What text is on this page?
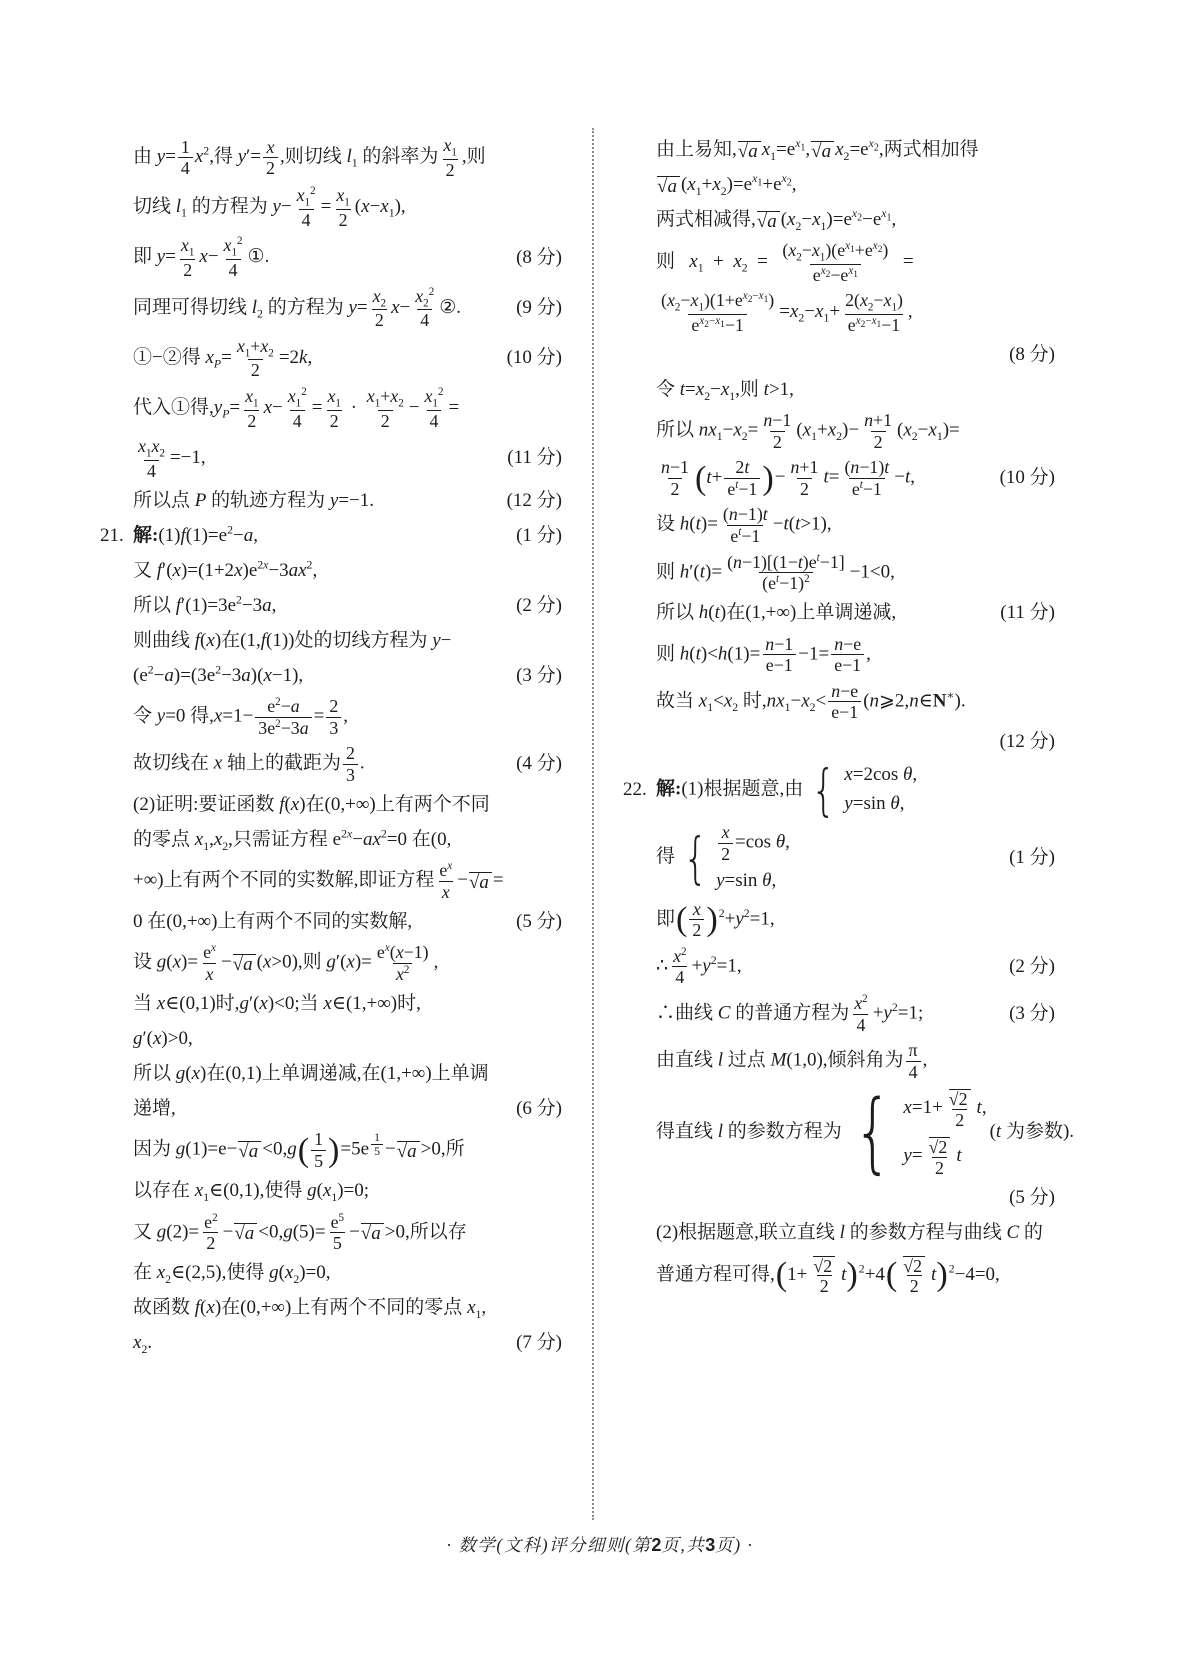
由 $y= \frac{1}{4} x^2$,得 $y'= \frac{x}{2}$ ,则切线 $l_1$ 的斜率为 $\frac{x_1}{2}$ ,则
切线 $l_1$ 的方程为 $y- \frac{x_1^2}{4} = \frac{x_1}{2} (x-x_1)$,
即 $y= \frac{x_1}{2} x- \frac{x_1^2}{4}$ ①.	(8 分)
同理可得切线 $l_2$ 的方程为 $y= \frac{x_2}{2} x- \frac{x_2^2}{4}$ ②.	(9 分)
①−②得 $x_P= \frac{x_1+x_2}{2} =2k$,	(10 分)
代入①得$,y_P= \frac{x_1}{2} x- \frac{x_1^2}{4} = \frac{x_1}{2} \cdot \frac{x_1+x_2}{2} - \frac{x_1^2}{4}$ =
$\frac{x_1x_2}{4} =-1$,	(11 分)
所以点 P 的轨迹方程为 y=−1.	(12 分)
21. 解$:(1)f(1)=e^2-a$,	(1 分)
又 $f'(x)=(1+2x)e^{2x}-3ax^2$,
所以 $f'(1)=3e^2-3a$,	(2 分)
则曲线 f(x)在(1,f(1))处的切线方程为 y−
$(e^2-a)=(3e^2-3a)(x-1)$,	(3 分)
令 y=0 得$,x=1- \frac{e^2-a}{3e^2-3a} = \frac{2}{3}$ ,
故切线在 x 轴上的截距为 $\frac{2}{3}$ .	(4 分)
(2)证明:要证函数 f(x)在(0,+∞)上有两个不同
的零点 $x_1,x_2$,只需证方程 $e^{2x}-ax^2=0$ 在(0,
+∞)上有两个不同的实数解,即证方程 $\frac{e^x}{x}$ − √ a =
0 在(0,+∞)上有两个不同的实数解,	(5 分)
设 $g(x)= \frac{e^x}{x}$ − √ a (x>0),则 $g'(x)= \frac{e^x(x-1)}{x^2}$ ,
当 x∈(0,1)时,g′(x)<0;当 x∈(1,+∞)时,
g′(x)>0,
所以 g(x)在(0,1)上单调递减,在(1,+∞)上单调
递增,	(6 分)
因为 g(1)=e− √ a <0,g ( 1
5
)=5e $^{\frac{1}{5}}$ − √ a >0,所
以存在 $x_1\in(0,1)$,使得 $g(x_1)=0$;
又 $g(2)= \frac{e^2}{2}$ − √ $a <0,g(5)= \frac{e^5}{5}$ − √ a >0,所以存
在 $x_2\in(2,5)$,使得 $g(x_2)=0$,
故函数 f(x)在(0,+∞)上有两个不同的零点 $x_1$,
$x_2$.	(7 分)
由上易知, √ a $x_1=e^{x_1}$, √ a $x_2=e^{x_2}$,两式相加得
√ a $(x_1+x_2)=e^{x_1}+e^{x_2}$,
两式相减得, √ a $(x_2-x_1)=e^{x_2}-e^{x_1}$,
则   $x_1 + x_2 = \frac{(x_2-x_1)(e^{x_1}+e^{x_2})}{e^{x_2}-e^{x_1}}$ =
$\frac{(x_2-x_1)(1+e^{x_2-x_1})}{e^{x_2-x_1}-1} =x_2-x_1+ \frac{2(x_2-x_1)}{e^{x_2-x_1}-1}$ ,
(8 分)
令 $t=x_2-x_1$,则 t>1,
所以 $nx_1-x_2= \frac{n-1}{2} (x_1+x_2)- \frac{n+1}{2} (x_2-x_1)=$
$\frac{n-1}{2}$ ( t + 2t
$e^t-1$
)− $\frac{n+1}{2} t= \frac{(n-1)t}{e^t-1} -t$,	(10 分)
设 $h(t)= \frac{(n-1)t}{e^t-1} -t(t>1)$,
则 $h'(t)= \frac{(n-1)[(1-t)e^t-1]}{(e^t-1)^2} -1<0$,
所以 h(t)在(1,+∞)上单调递减,	(11 分)
则 $h(t)<h(1)= \frac{n-1}{e-1} -1= \frac{n-e}{e-1}$ ,
故当 $x_1<x_2$ 时$,nx_1-x_2< \frac{n-e}{e-1}$ (n⩾2,n∈N∗).
(12 分)
22. 解:(1)根据题意,由
{ x=2cos θ,
y=sin θ,
得 { $\frac{x}{2} =\cos$ θ,
y=sin θ,
(1 分)
即 ( x
2
)$^2+y^2=1$,
∴ $\frac{x^2}{4} +y^2=1$,	(2 分)
∴曲线 C 的普通方程为 $\frac{x^2}{4} +y^2=1$;	(3 分)
由直线 l 过点 M(1,0),倾斜角为 $\frac{\pi}{4}$ ,
得直线 l 的参数方程为
{ x=1+ √ $\frac{2}{2} t$,
y= √ $\frac{2}{2}$ t
(t 为参数).
(5 分)
(2)根据题意,联立直线 l 的参数方程与曲线 C 的
普通方程可得, ( 1+ √ 2
2
t
) $^2$+4	( √ 2
2
t
) $^2$−4=0,
· 数学(文科)评分细则(第2页,共3页) ·
